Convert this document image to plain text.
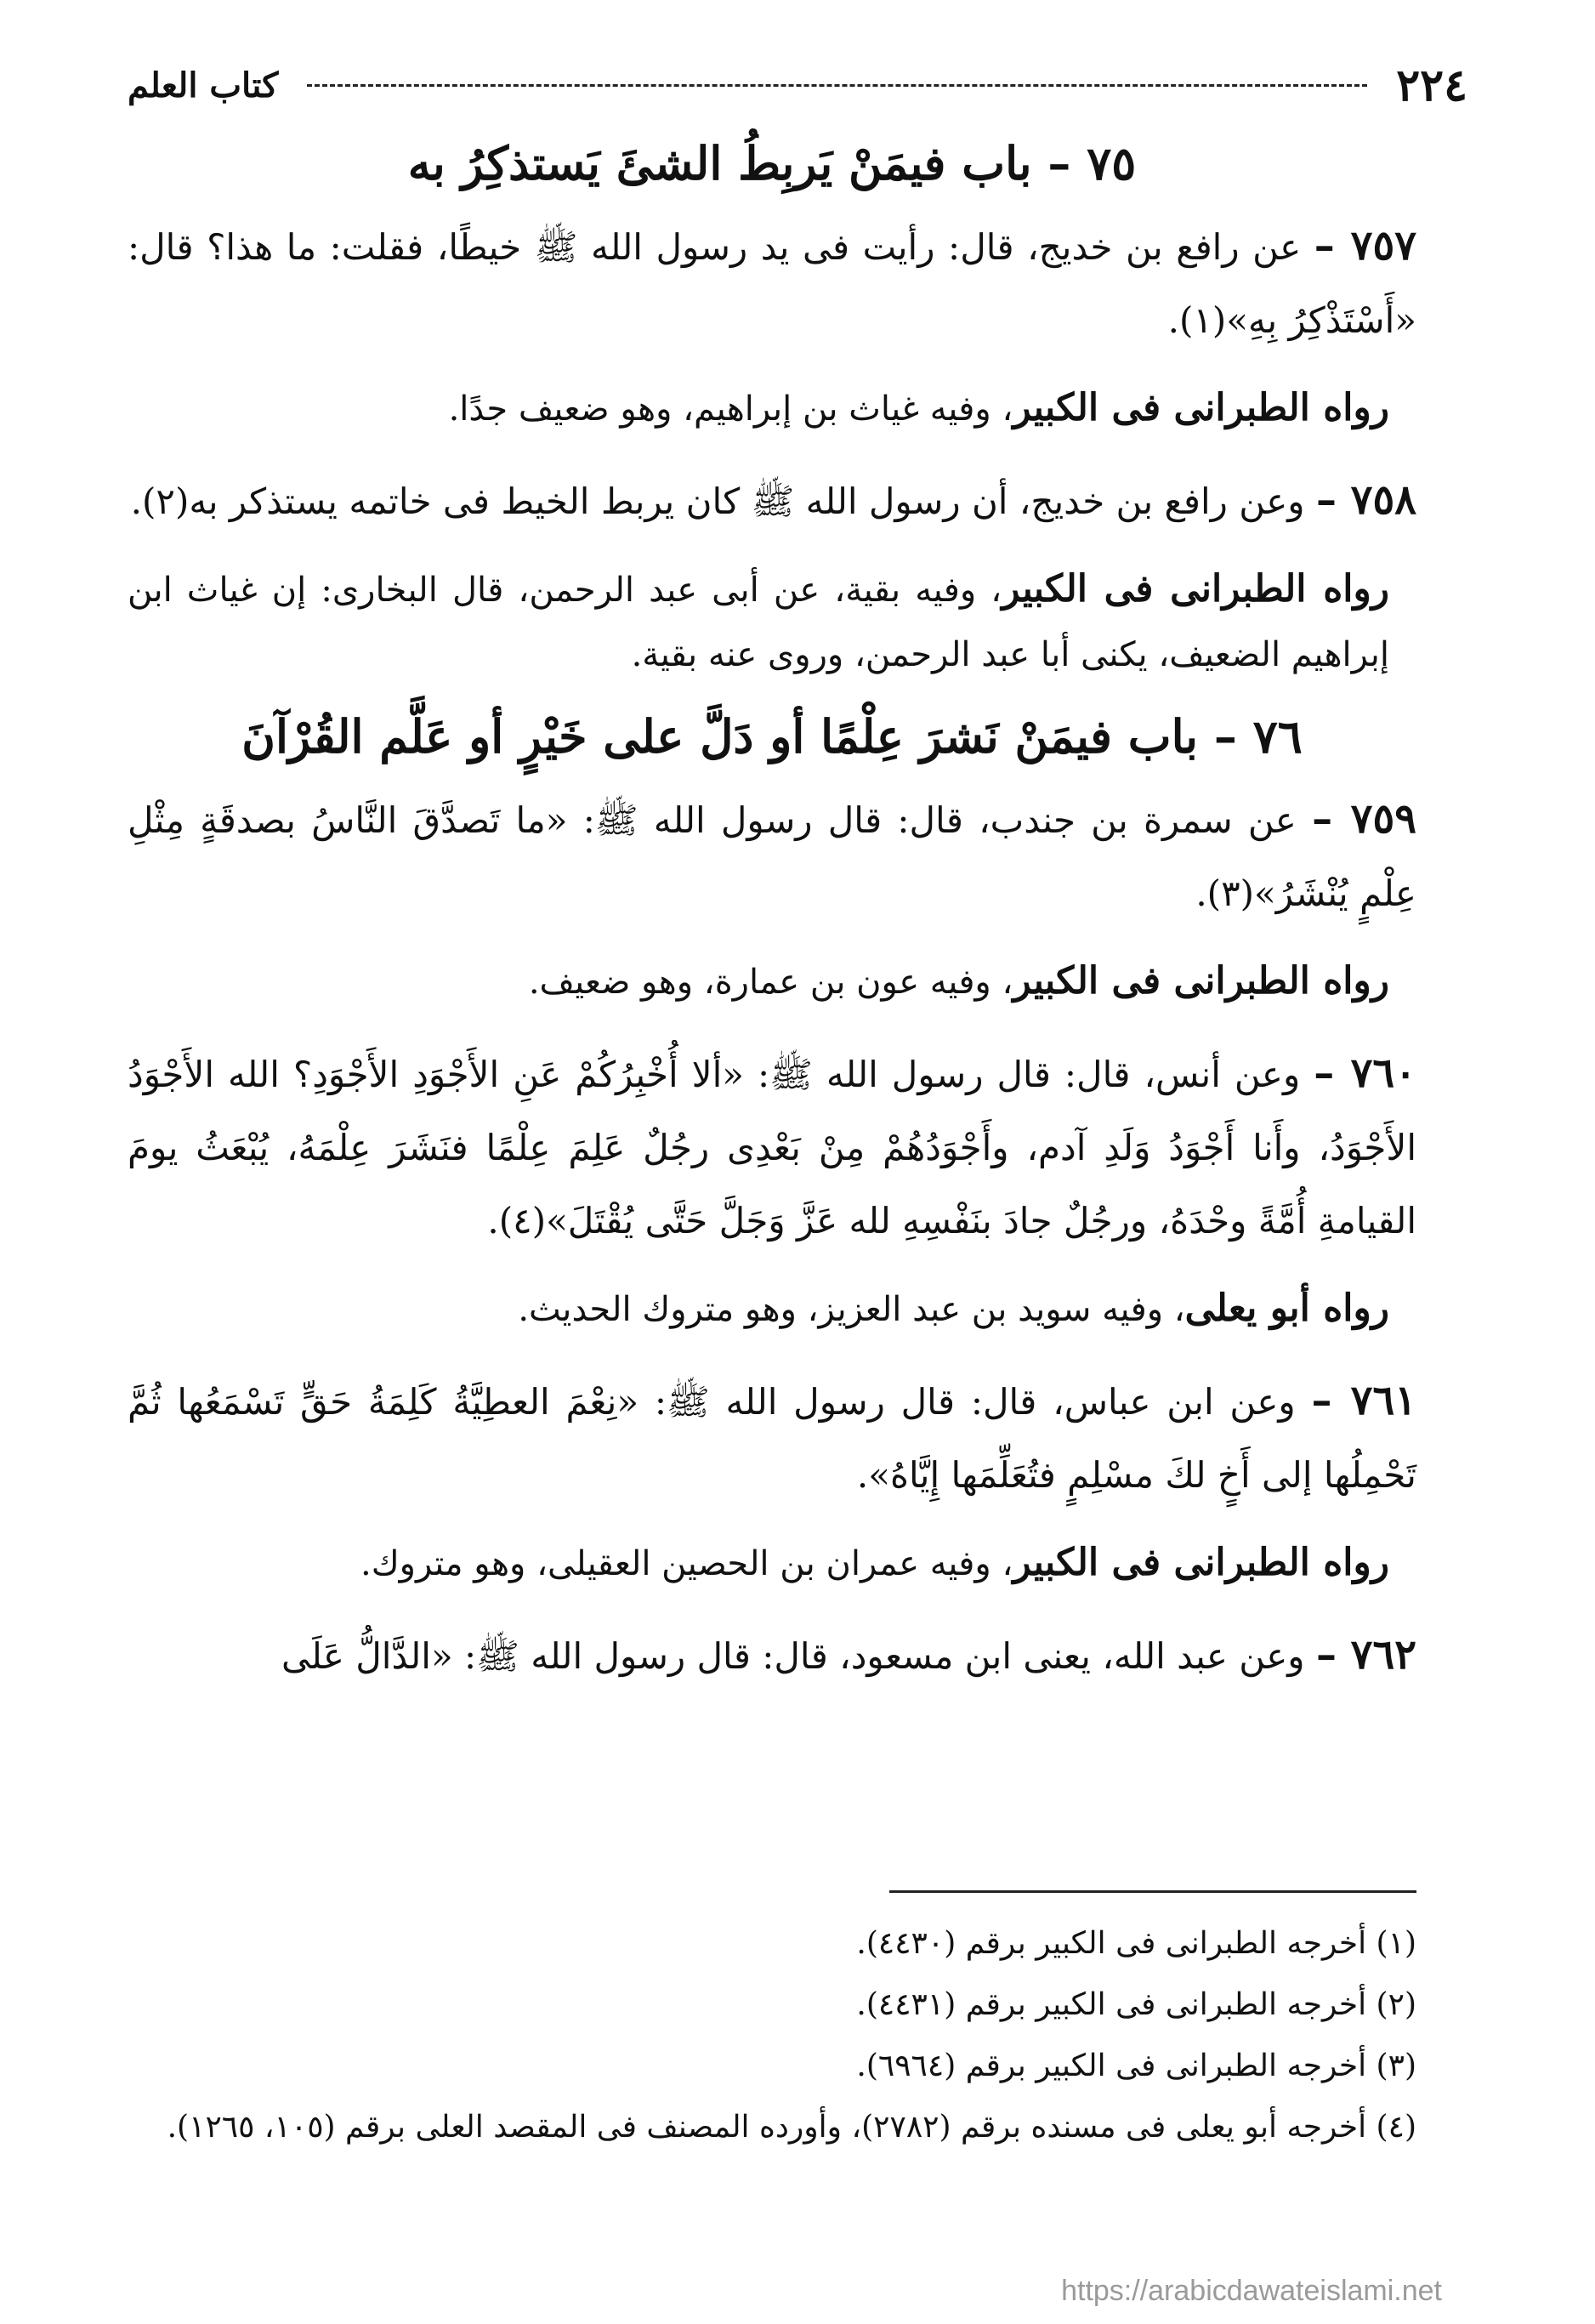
٢٢٤
كتاب العلم
٧٥ – باب فيمَنْ يَربِطُ الشئَ يَستذكِرُ به

٧٥٧ – عن رافع بن خديج، قال: رأيت فى يد رسول الله ﷺ خيطًا، فقلت: ما هذا؟ قال: «أَسْتَذْكِرُ بِهِ»(١).

رواه الطبرانى فى الكبير، وفيه غياث بن إبراهيم، وهو ضعيف جدًا.

٧٥٨ – وعن رافع بن خديج، أن رسول الله ﷺ كان يربط الخيط فى خاتمه يستذكر به(٢).

رواه الطبرانى فى الكبير، وفيه بقية، عن أبى عبد الرحمن، قال البخارى: إن غياث ابن إبراهيم الضعيف، يكنى أبا عبد الرحمن، وروى عنه بقية.

٧٦ – باب فيمَنْ نَشرَ عِلْمًا أو دَلَّ على خَيْرٍ أو عَلَّم القُرْآنَ

٧٥٩ – عن سمرة بن جندب، قال: قال رسول الله ﷺ: «ما تَصدَّقَ النَّاسُ بصدقَةٍ مِثْلِ عِلْمٍ يُنْشَرُ»(٣).

رواه الطبرانى فى الكبير، وفيه عون بن عمارة، وهو ضعيف.

٧٦٠ – وعن أنس، قال: قال رسول الله ﷺ: «ألا أُخْبِرُكُمْ عَنِ الأَجْوَدِ الأَجْوَدِ؟ الله الأَجْوَدُ الأَجْوَدُ، وأَنا أَجْوَدُ وَلَدِ آدم، وأَجْوَدُهُمْ مِنْ بَعْدِى رجُلٌ عَلِمَ عِلْمًا فنَشَرَ عِلْمَهُ، يُبْعَثُ يومَ القيامةِ أُمَّةً وحْدَهُ، ورجُلٌ جادَ بنَفْسِهِ لله عَزَّ وَجَلَّ حَتَّى يُقْتَلَ»(٤).

رواه أبو يعلى، وفيه سويد بن عبد العزيز، وهو متروك الحديث.

٧٦١ – وعن ابن عباس، قال: قال رسول الله ﷺ: «نِعْمَ العطِيَّةُ كَلِمَةُ حَقٍّ تَسْمَعُها ثُمَّ تَحْمِلُها إلى أَخٍ لكَ مسْلِمٍ فتُعَلِّمَها إِيَّاهُ».

رواه الطبرانى فى الكبير، وفيه عمران بن الحصين العقيلى، وهو متروك.

٧٦٢ – وعن عبد الله، يعنى ابن مسعود، قال: قال رسول الله ﷺ: «الدَّالُّ عَلَى

(١) أخرجه الطبرانى فى الكبير برقم (٤٤٣٠).

(٢) أخرجه الطبرانى فى الكبير برقم (٤٤٣١).

(٣) أخرجه الطبرانى فى الكبير برقم (٦٩٦٤).

(٤) أخرجه أبو يعلى فى مسنده برقم (٢٧٨٢)، وأورده المصنف فى المقصد العلى برقم (١٠٥، ١٢٦٥).

https://arabicdawateislami.net
